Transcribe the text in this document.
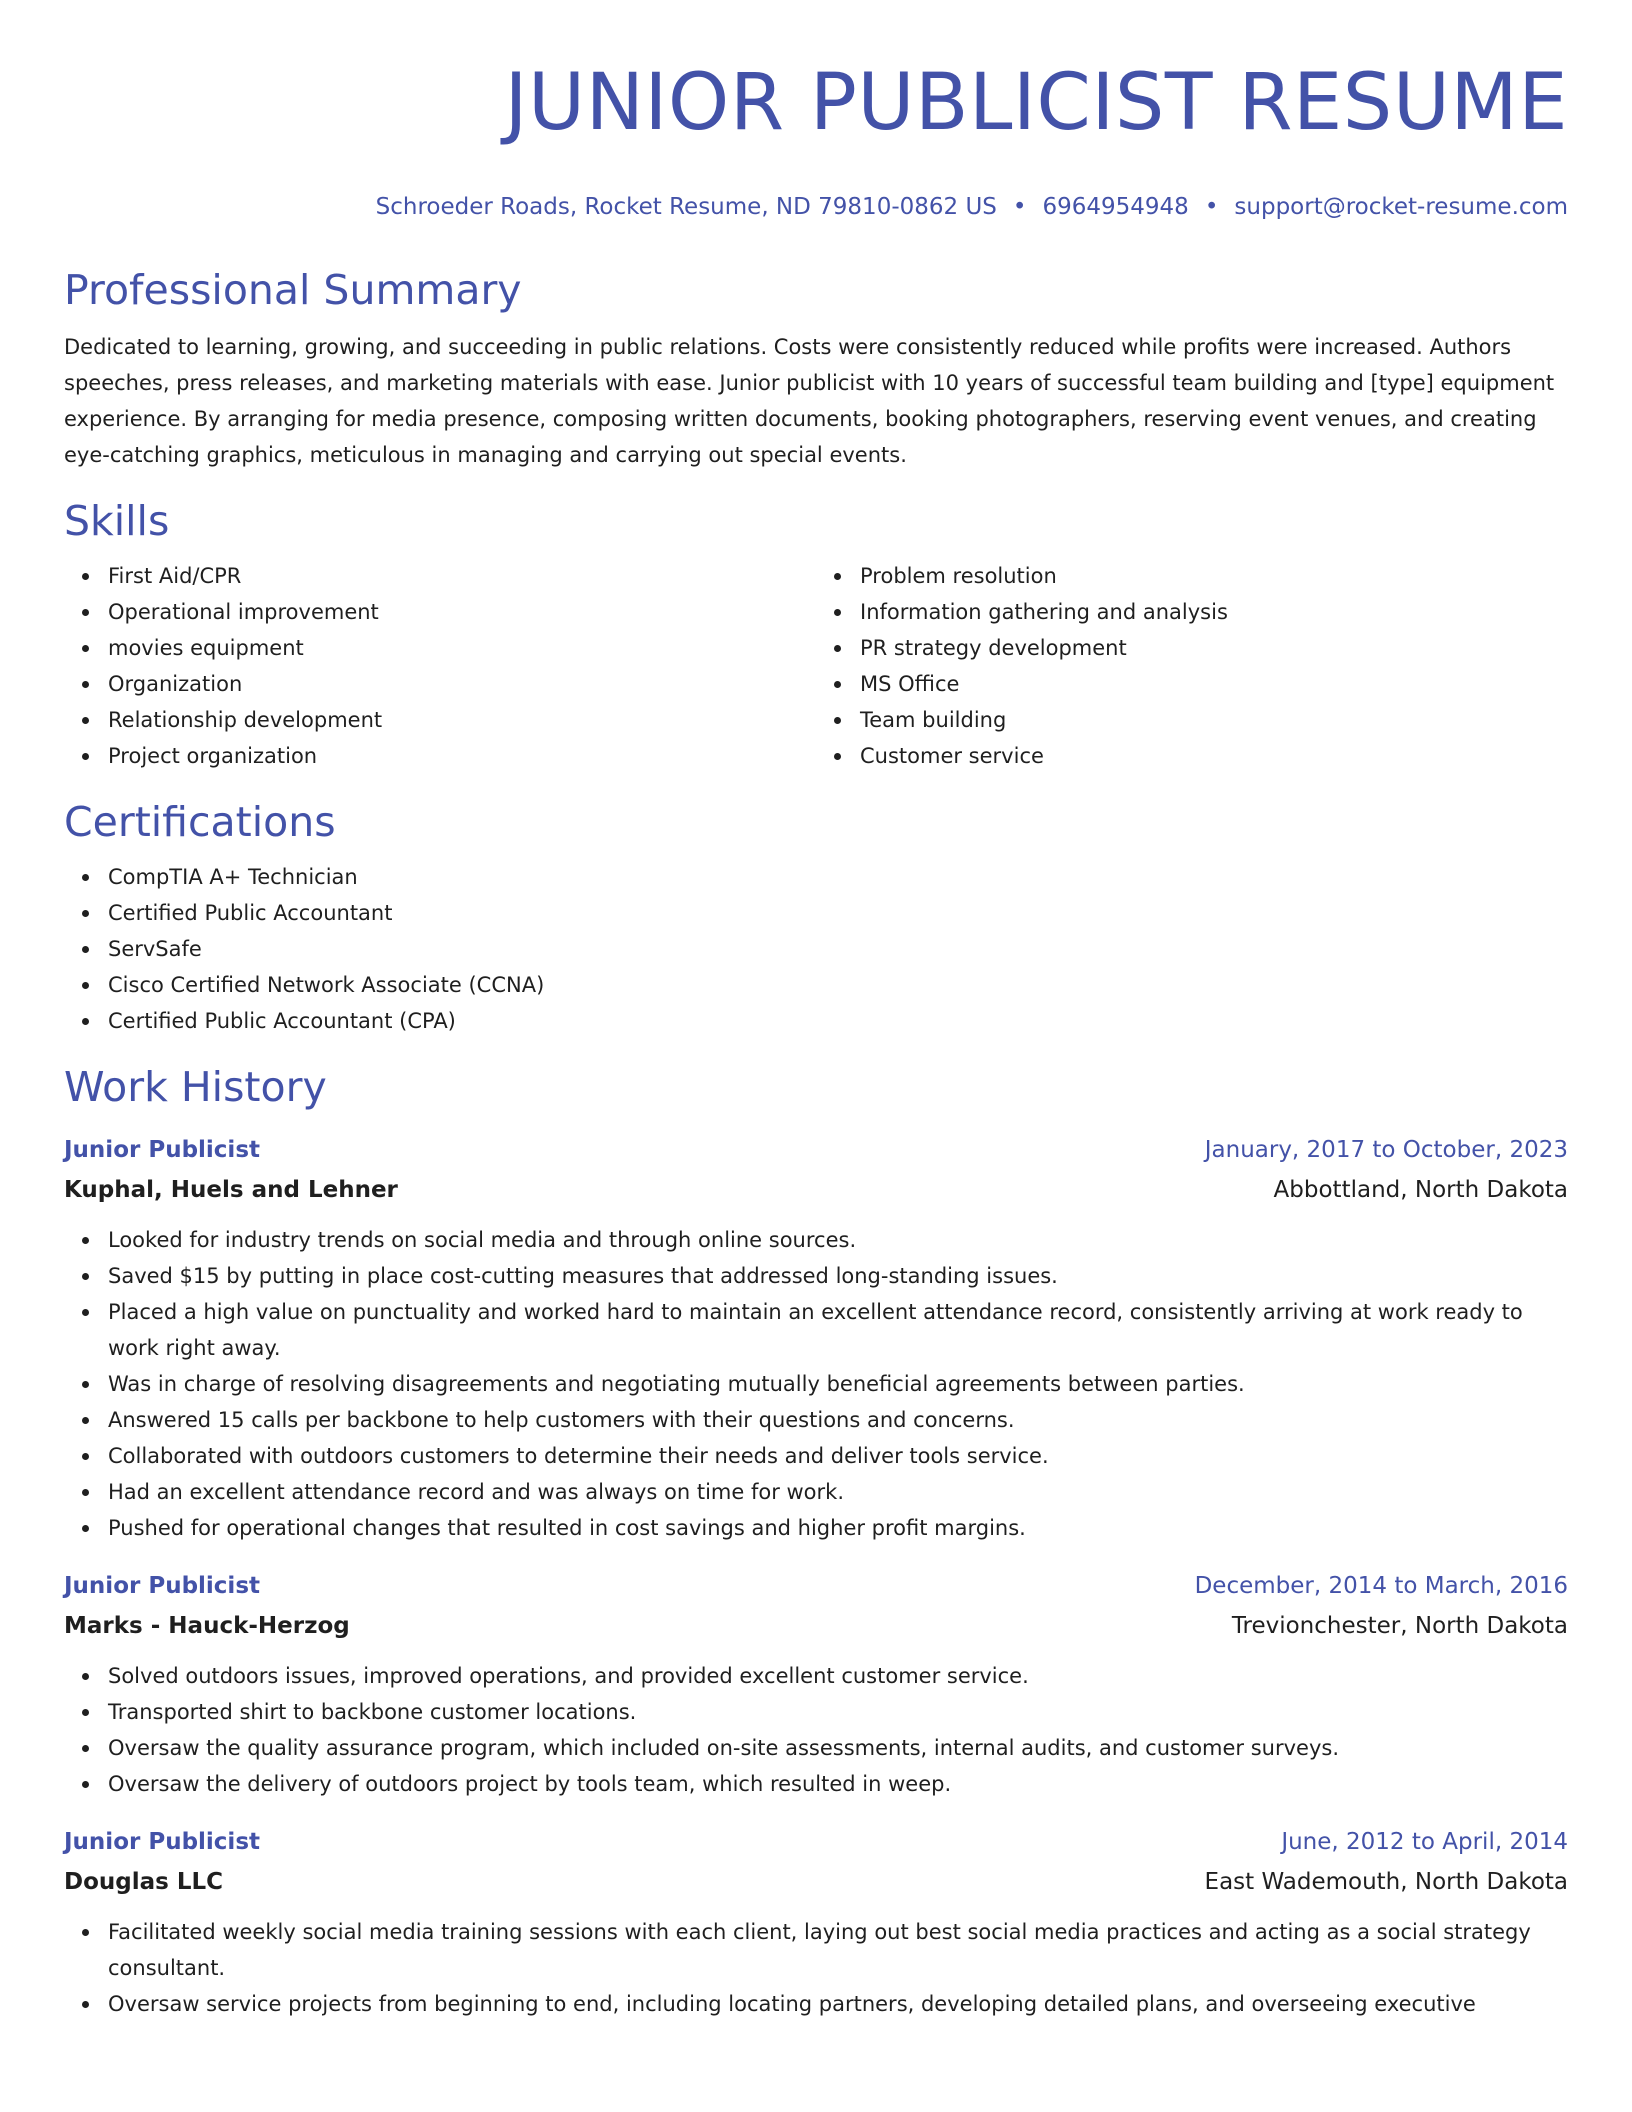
JUNIOR PUBLICIST RESUME
Schroeder Roads, Rocket Resume, ND 79810-0862 US • 6964954948 • support@rocket-resume.com
Professional Summary
Dedicated to learning, growing, and succeeding in public relations. Costs were consistently reduced while profits were increased. Authors speeches, press releases, and marketing materials with ease. Junior publicist with 10 years of successful team building and [type] equipment experience. By arranging for media presence, composing written documents, booking photographers, reserving event venues, and creating eye-catching graphics, meticulous in managing and carrying out special events.
Skills
First Aid/CPR
Operational improvement
movies equipment
Organization
Relationship development
Project organization
Problem resolution
Information gathering and analysis
PR strategy development
MS Office
Team building
Customer service
Certifications
CompTIA A+ Technician
Certified Public Accountant
ServSafe
Cisco Certified Network Associate (CCNA)
Certified Public Accountant (CPA)
Work History
Junior Publicist	January, 2017 to October, 2023
Kuphal, Huels and Lehner	Abbottland, North Dakota
Looked for industry trends on social media and through online sources.
Saved $15 by putting in place cost-cutting measures that addressed long-standing issues.
Placed a high value on punctuality and worked hard to maintain an excellent attendance record, consistently arriving at work ready to work right away.
Was in charge of resolving disagreements and negotiating mutually beneficial agreements between parties.
Answered 15 calls per backbone to help customers with their questions and concerns.
Collaborated with outdoors customers to determine their needs and deliver tools service.
Had an excellent attendance record and was always on time for work.
Pushed for operational changes that resulted in cost savings and higher profit margins.
Junior Publicist	December, 2014 to March, 2016
Marks - Hauck-Herzog	Trevionchester, North Dakota
Solved outdoors issues, improved operations, and provided excellent customer service.
Transported shirt to backbone customer locations.
Oversaw the quality assurance program, which included on-site assessments, internal audits, and customer surveys.
Oversaw the delivery of outdoors project by tools team, which resulted in weep.
Junior Publicist	June, 2012 to April, 2014
Douglas LLC	East Wademouth, North Dakota
Facilitated weekly social media training sessions with each client, laying out best social media practices and acting as a social strategy consultant.
Oversaw service projects from beginning to end, including locating partners, developing detailed plans, and overseeing executive
